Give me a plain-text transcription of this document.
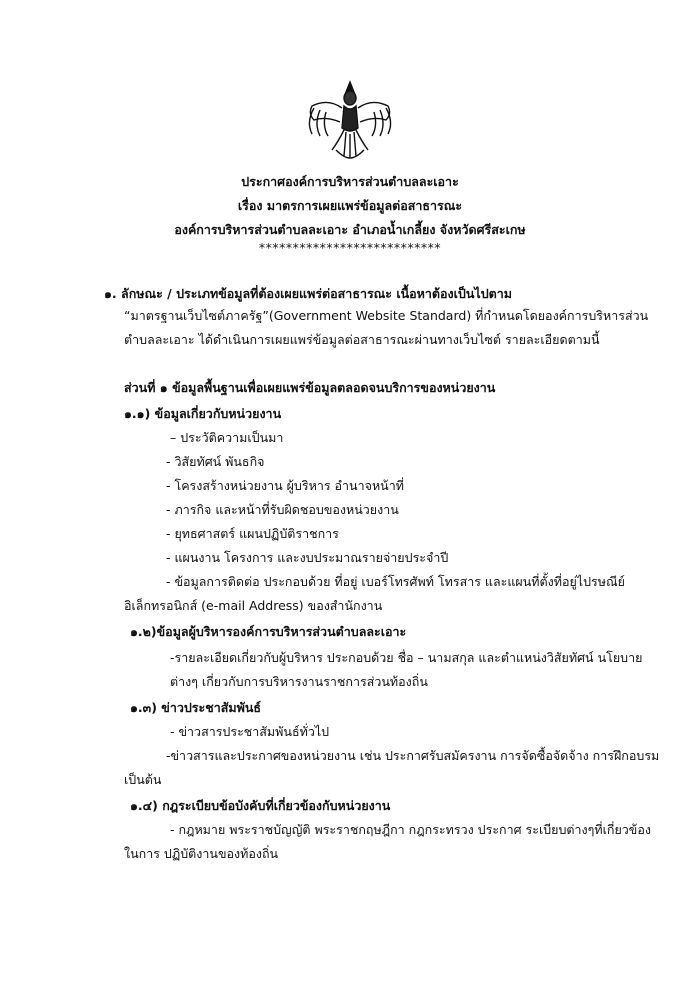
ประกาศองค์การบริหารส่วนตำบลละเอาะ
เรื่อง มาตรการเผยแพร่ข้อมูลต่อสาธารณะ
องค์การบริหารส่วนตำบลละเอาะ อำเภอน้ำเกลี้ยง จังหวัดศรีสะเกษ
***************************
๑. ลักษณะ / ประเภทข้อมูลที่ต้องเผยแพร่ต่อสาธารณะ เนื้อหาต้องเป็นไปตาม
“มาตรฐานเว็บไซต์ภาครัฐ”(Government Website Standard) ที่กำหนดโดยองค์การบริหารส่วน
ตำบลละเอาะ ได้ดำเนินการเผยแพร่ข้อมูลต่อสาธารณะผ่านทางเว็บไซต์ รายละเอียดตามนี้
ส่วนที่ ๑ ข้อมูลพื้นฐานเพื่อเผยแพร่ข้อมูลตลอดจนบริการของหน่วยงาน
๑.๑) ข้อมูลเกี่ยวกับหน่วยงาน
– ประวัติความเป็นมา
- วิสัยทัศน์ พันธกิจ
- โครงสร้างหน่วยงาน ผู้บริหาร อำนาจหน้าที่
- ภารกิจ และหน้าที่รับผิดชอบของหน่วยงาน
- ยุทธศาสตร์ แผนปฏิบัติราชการ
- แผนงาน โครงการ และงบประมาณรายจ่ายประจำปี
- ข้อมูลการติดต่อ ประกอบด้วย ที่อยู่ เบอร์โทรศัพท์ โทรสาร และแผนที่ตั้งที่อยู่ไปรษณีย์
อิเล็กทรอนิกส์ (e-mail Address) ของสำนักงาน
๑.๒)ข้อมูลผู้บริหารองค์การบริหารส่วนตำบลละเอาะ
-รายละเอียดเกี่ยวกับผู้บริหาร ประกอบด้วย ชื่อ – นามสกุล และตำแหน่งวิสัยทัศน์ นโยบาย
ต่างๆ เกี่ยวกับการบริหารงานราชการส่วนท้องถิ่น
๑.๓) ข่าวประชาสัมพันธ์
- ข่าวสารประชาสัมพันธ์ทั่วไป
-ข่าวสารและประกาศของหน่วยงาน เช่น ประกาศรับสมัครงาน การจัดซื้อจัดจ้าง การฝึกอบรม
เป็นต้น
๑.๔) กฎระเบียบข้อบังคับที่เกี่ยวข้องกับหน่วยงาน
- กฎหมาย พระราชบัญญัติ พระราชกฤษฎีกา กฎกระทรวง ประกาศ ระเบียบต่างๆที่เกี่ยวข้อง
ในการ ปฏิบัติงานของท้องถิ่น
